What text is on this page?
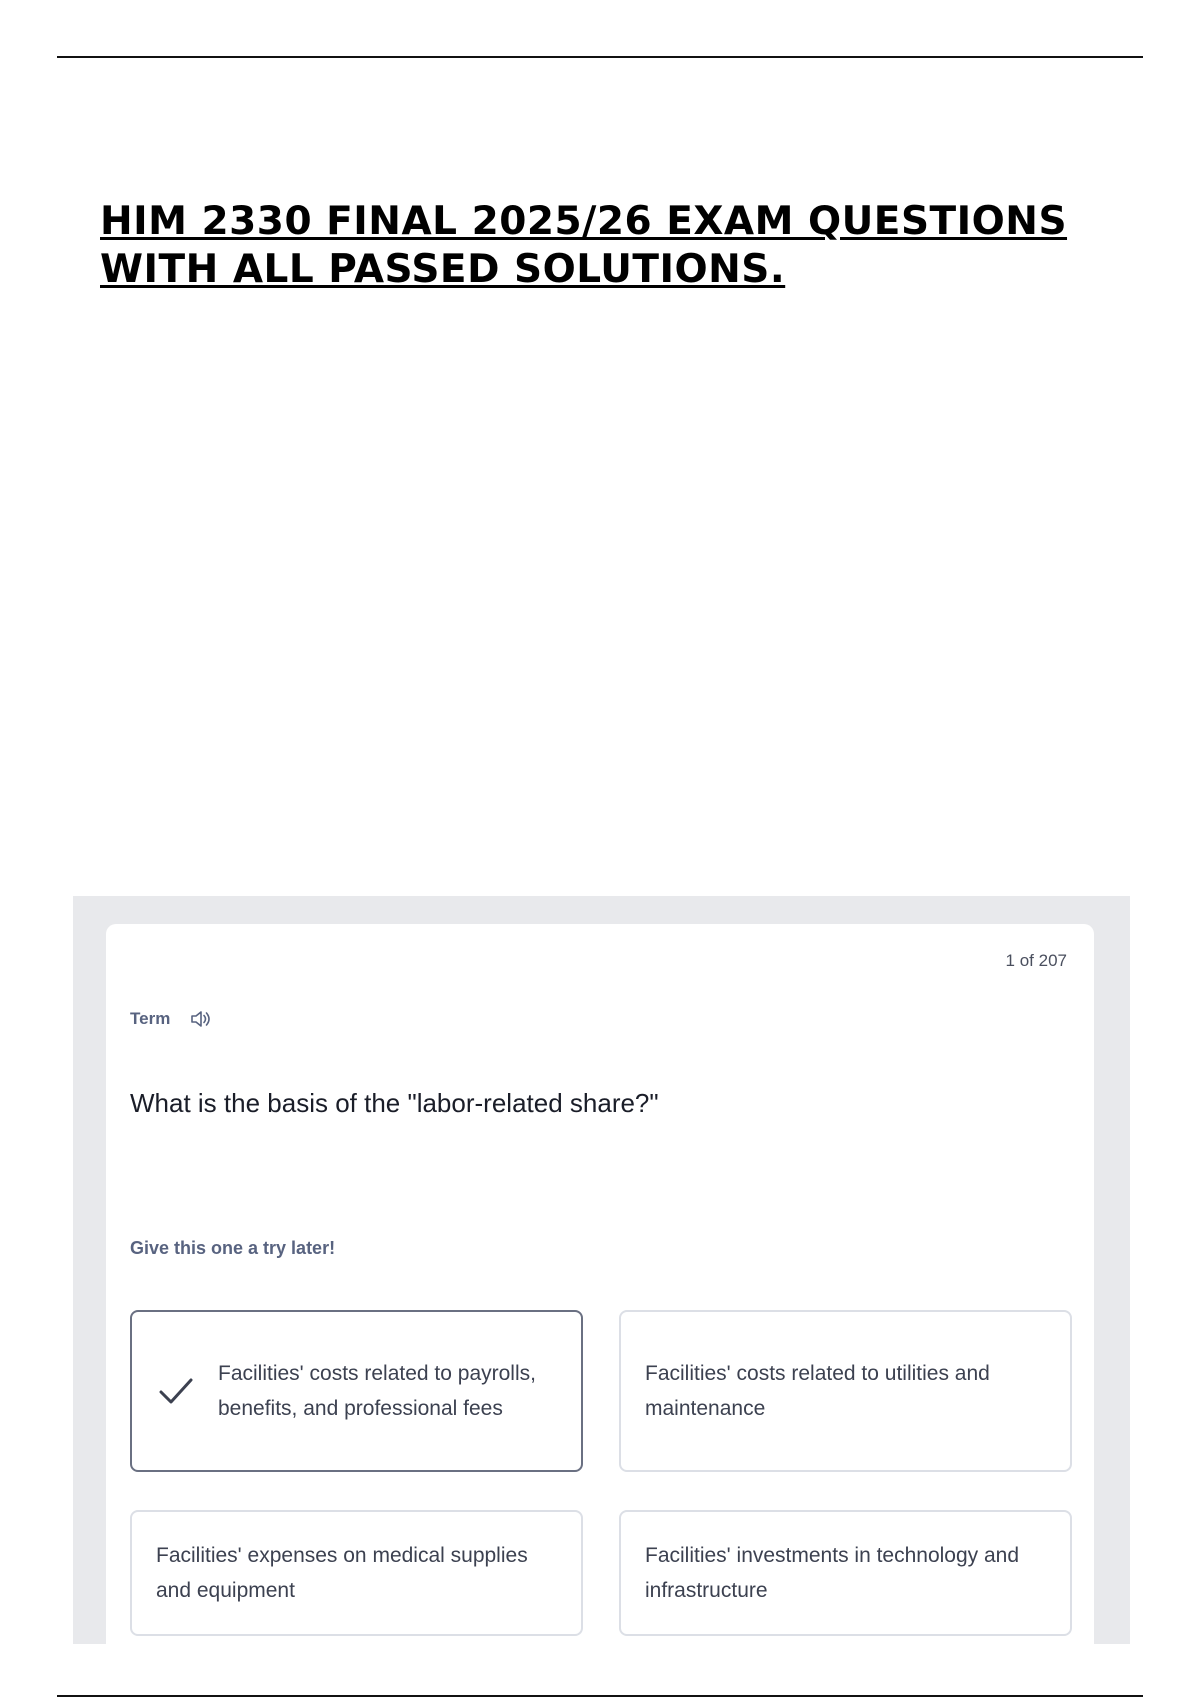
HIM 2330 FINAL 2025/26 EXAM QUESTIONS WITH ALL PASSED SOLUTIONS.
1 of 207
Term
What is the basis of the "labor-related share?"
Give this one a try later!
Facilities' costs related to payrolls, benefits, and professional fees
Facilities' costs related to utilities and maintenance
Facilities' expenses on medical supplies and equipment
Facilities' investments in technology and infrastructure
